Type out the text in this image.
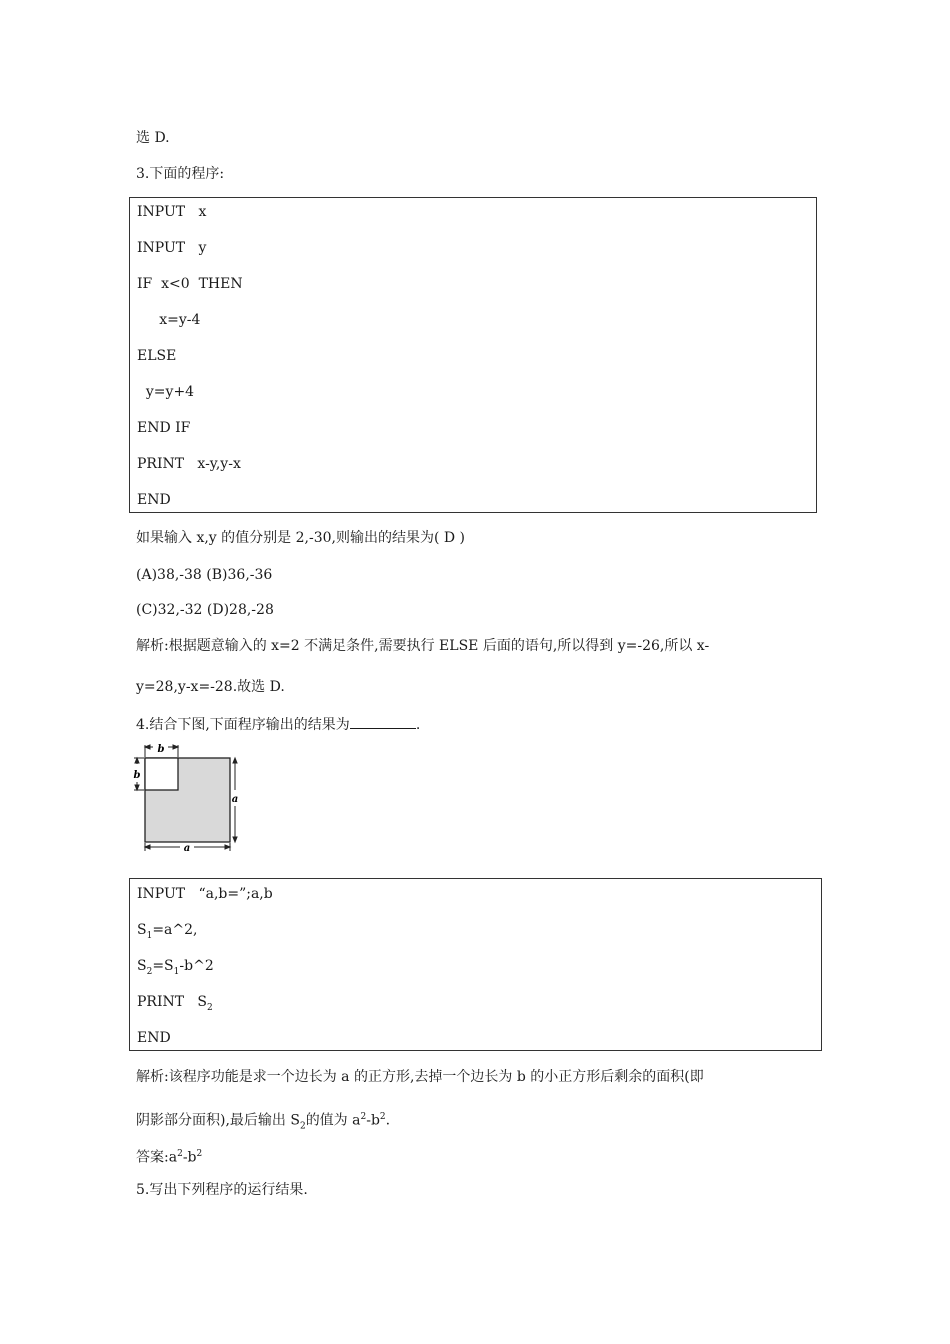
选 D.
3.下面的程序:
INPUT   x
INPUT   y
IF  x<0  THEN
x=y-4
ELSE
y=y+4
END IF
PRINT   x-y,y-x
END
如果输入 x,y 的值分别是 2,-30,则输出的结果为( D )
(A)38,-38 (B)36,-36
(C)32,-32 (D)28,-28
解析:根据题意输入的 x=2 不满足条件,需要执行 ELSE 后面的语句,所以得到 y=-26,所以 x-
y=28,y-x=-28.故选 D.
4.结合下图,下面程序输出的结果为	.
b
b
a
a
INPUT   “a,b=”;a,b
$S_1=a\^{}2$,
$S_2=S_1-b\^{}2$
PRINT   $S_2$
END
解析:该程序功能是求一个边长为 a 的正方形,去掉一个边长为 b 的小正方形后剩余的面积(即
阴影部分面积),最后输出 $S_2$的值为 $a^2-b^2$.
答案$:a^2-b^2$
5.写出下列程序的运行结果.
